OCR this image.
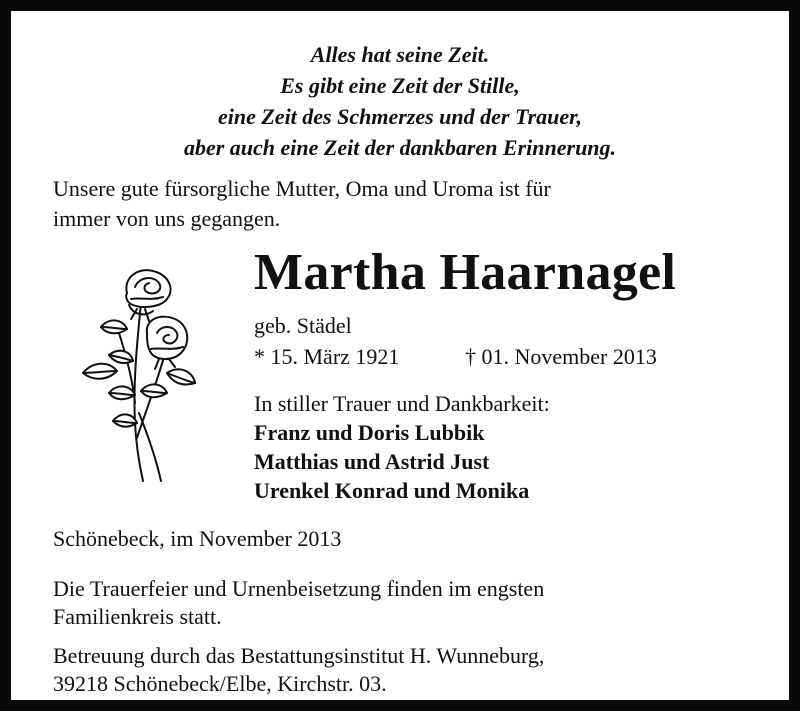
Alles hat seine Zeit.
Es gibt eine Zeit der Stille,
eine Zeit des Schmerzes und der Trauer,
aber auch eine Zeit der dankbaren Erinnerung.
Unsere gute fürsorgliche Mutter, Oma und Uroma ist für
immer von uns gegangen.
Martha Haarnagel
geb. Städel
* 15. März 1921	† 01. November 2013
In stiller Trauer und Dankbarkeit:
Franz und Doris Lubbik
Matthias und Astrid Just
Urenkel Konrad und Monika
Schönebeck, im November 2013
Die Trauerfeier und Urnenbeisetzung finden im engsten
Familienkreis statt.
Betreuung durch das Bestattungsinstitut H. Wunneburg,
39218 Schönebeck/Elbe, Kirchstr. 03.
